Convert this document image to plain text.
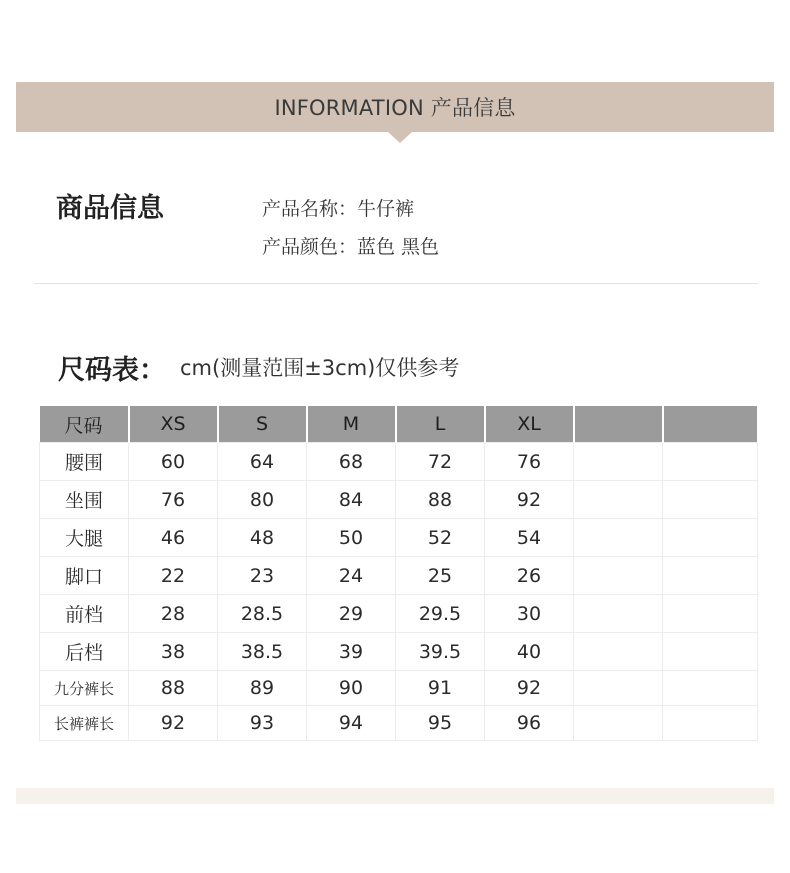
INFORMATION 产品信息
商品信息	产品名称：牛仔裤
产品颜色：蓝色 黑色
尺码表： cm(测量范围±3cm)仅供参考
尺码	XS	S	M	L	XL		
腰围	60	64	68	72	76		
坐围	76	80	84	88	92		
大腿	46	48	50	52	54		
脚口	22	23	24	25	26		
前档	28	28.5	29	29.5	30		
后档	38	38.5	39	39.5	40		
九分裤长	88	89	90	91	92		
长裤裤长	92	93	94	95	96		
